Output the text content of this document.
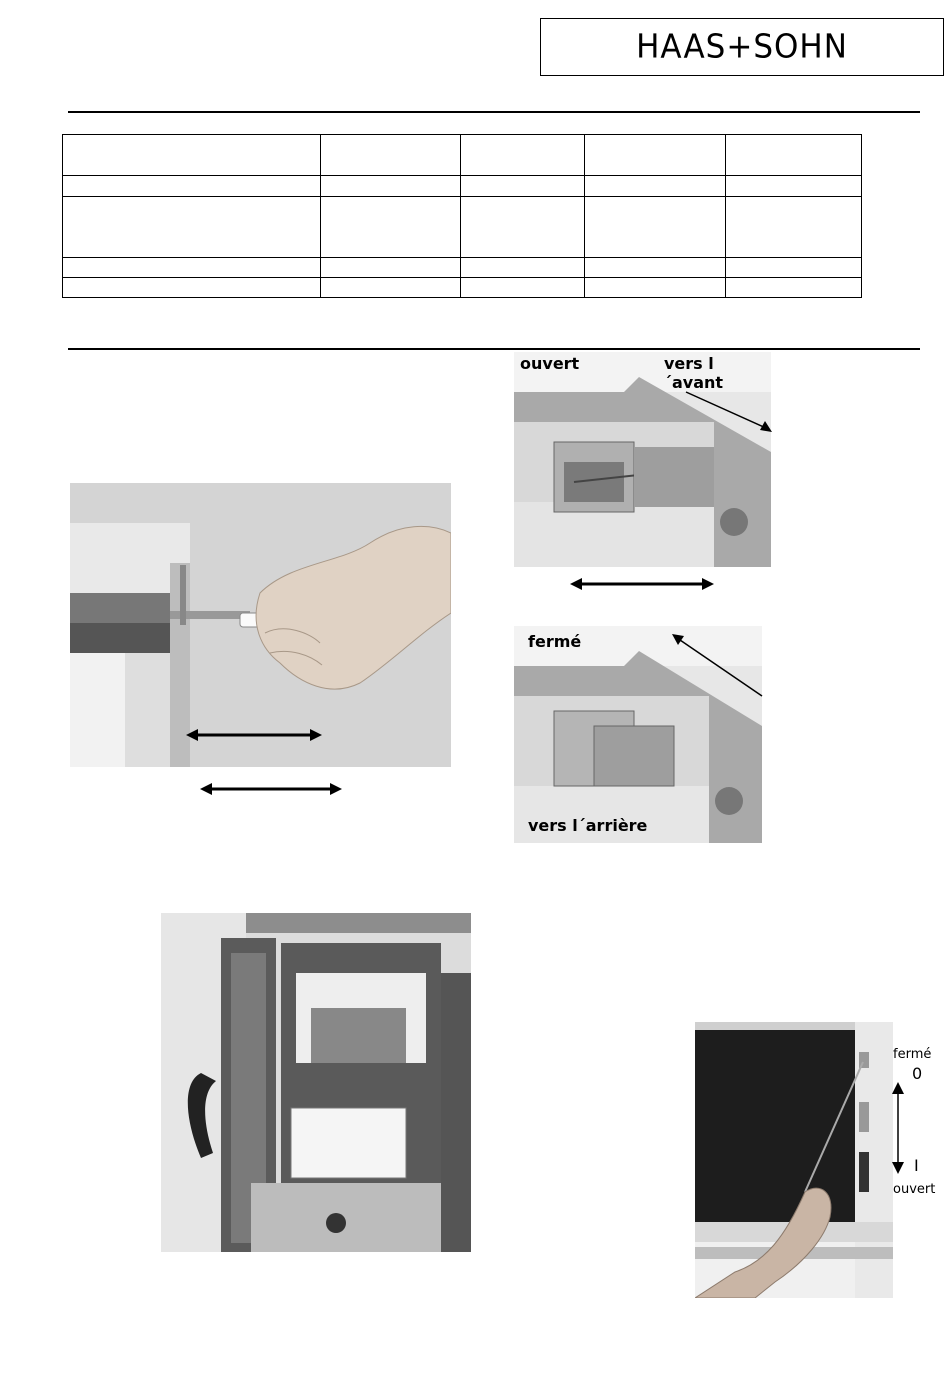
HAAS+SOHN

ouvert	vers l´avant
fermé
vers l´arrière
fermé
0
I
ouvert
